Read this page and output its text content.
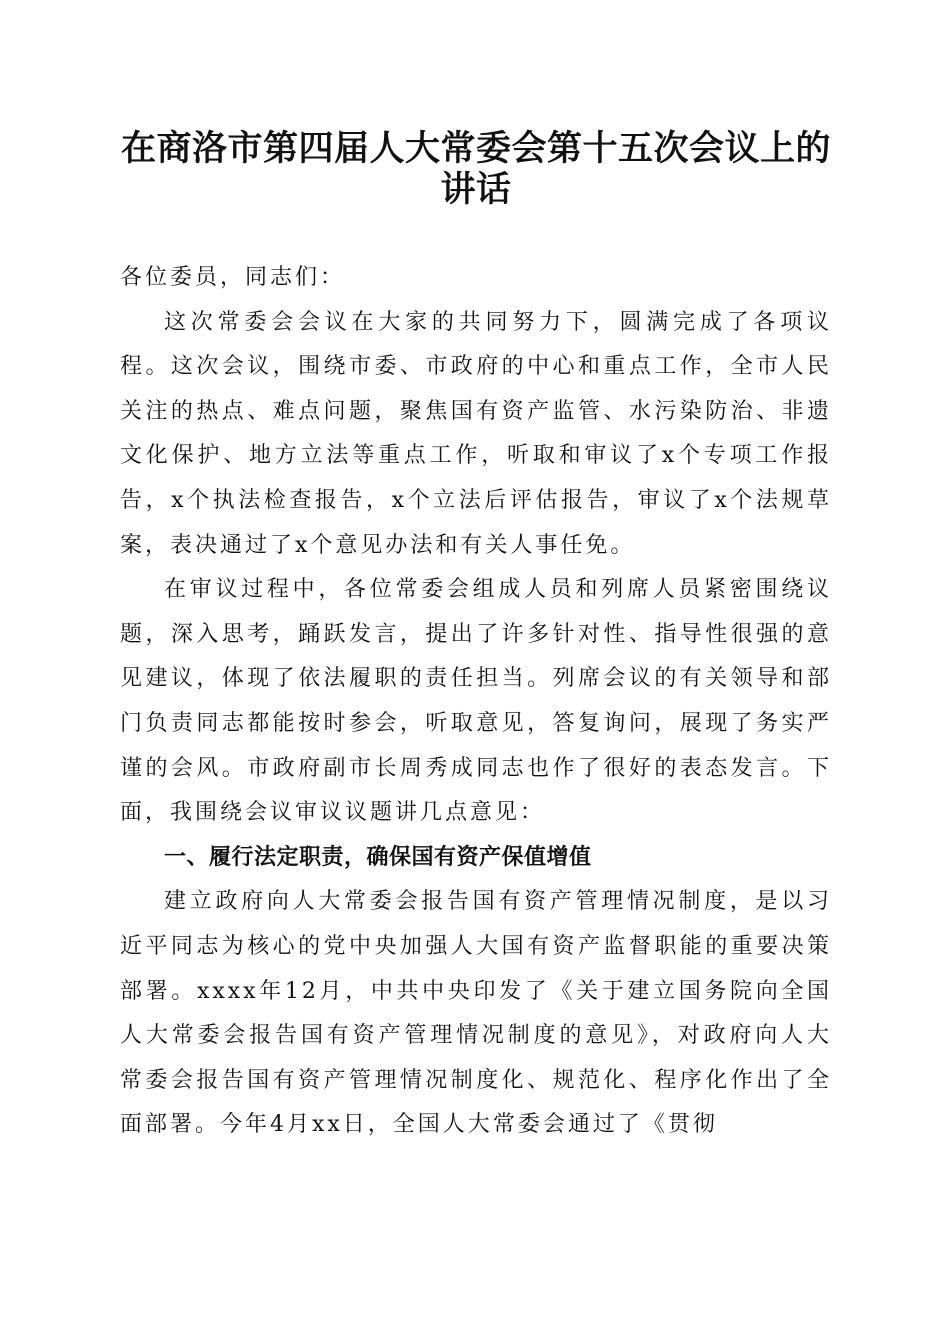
在商洛市第四届人大常委会第十五次会议上的讲话

各位委员，同志们：

这次常委会会议在大家的共同努力下，圆满完成了各项议程。这次会议，围绕市委、市政府的中心和重点工作，全市人民关注的热点、难点问题，聚焦国有资产监管、水污染防治、非遗文化保护、地方立法等重点工作，听取和审议了x个专项工作报告，x个执法检查报告，x个立法后评估报告，审议了x个法规草案，表决通过了x个意见办法和有关人事任免。

在审议过程中，各位常委会组成人员和列席人员紧密围绕议题，深入思考，踊跃发言，提出了许多针对性、指导性很强的意见建议，体现了依法履职的责任担当。列席会议的有关领导和部门负责同志都能按时参会，听取意见，答复询问，展现了务实严谨的会风。市政府副市长周秀成同志也作了很好的表态发言。下面，我围绕会议审议议题讲几点意见：

一、履行法定职责，确保国有资产保值增值

建立政府向人大常委会报告国有资产管理情况制度，是以习近平同志为核心的党中央加强人大国有资产监督职能的重要决策部署。xxxx年12月，中共中央印发了《关于建立国务院向全国人大常委会报告国有资产管理情况制度的意见》，对政府向人大常委会报告国有资产管理情况制度化、规范化、程序化作出了全面部署。今年4月xx日，全国人大常委会通过了《贯彻
